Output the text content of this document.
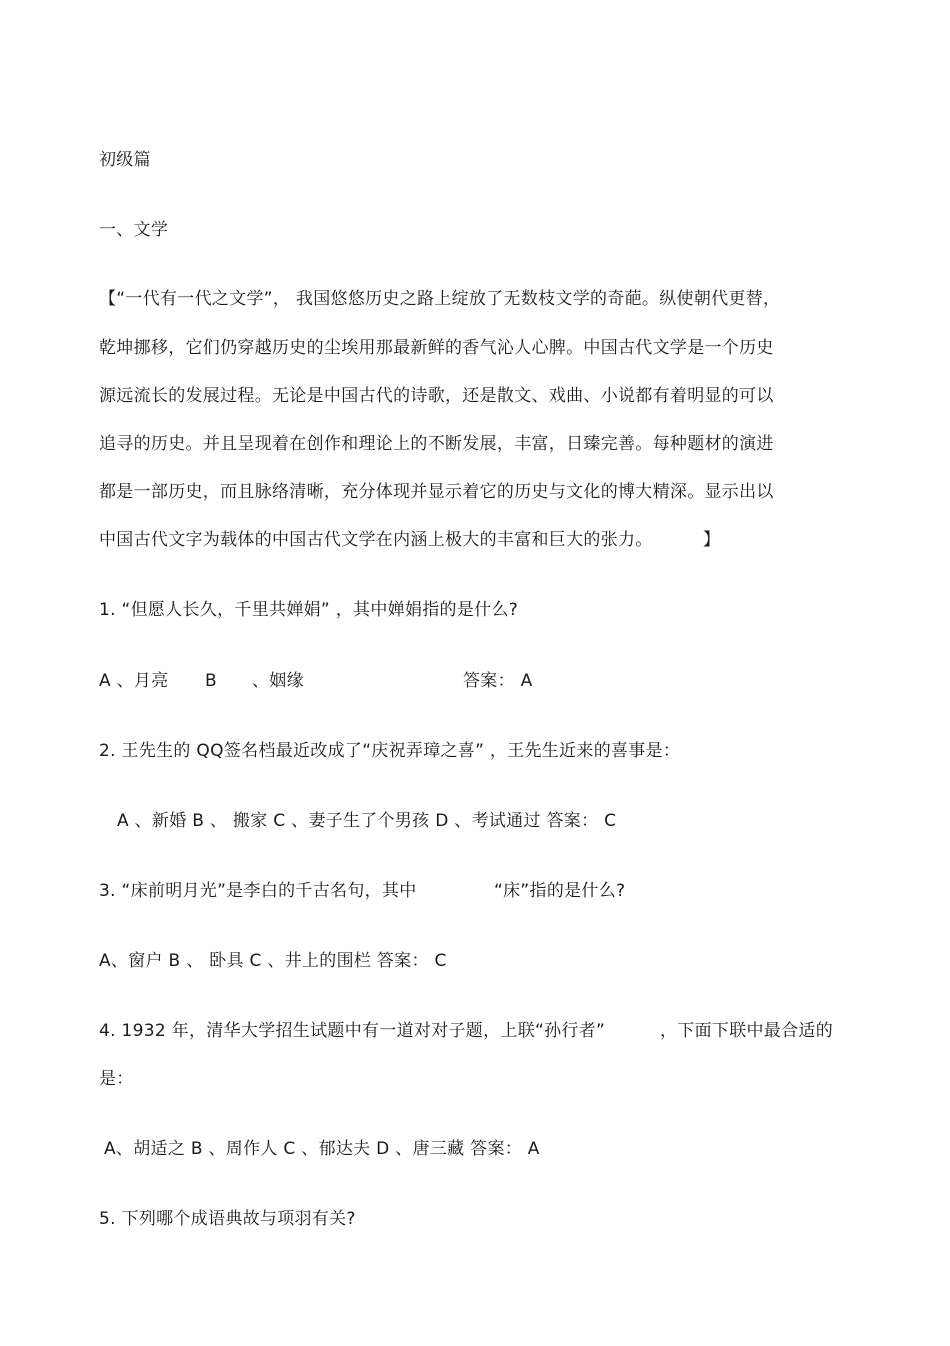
初级篇
一、文学
【“一代有一代之文学”， 我国悠悠历史之路上绽放了无数枝文学的奇葩。纵使朝代更替，
乾坤挪移，它们仍穿越历史的尘埃用那最新鲜的香气沁人心脾。中国古代文学是一个历史
源远流长的发展过程。无论是中国古代的诗歌，还是散文、戏曲、小说都有着明显的可以
追寻的历史。并且呈现着在创作和理论上的不断发展，丰富，日臻完善。每种题材的演进
都是一部历史，而且脉络清晰，充分体现并显示着它的历史与文化的博大精深。显示出以
中国古代文字为载体的中国古代文学在内涵上极大的丰富和巨大的张力。	】
1. “但愿人长久，千里共婵娟” ，其中婵娟指的是什么?
A 、月亮 B 、姻缘	答案： A
2. 王先生的 QQ签名档最近改成了“庆祝弄璋之喜” ，王先生近来的喜事是：
A 、新婚 B 、 搬家 C 、妻子生了个男孩 D 、考试通过 答案： C
3. “床前明月光”是李白的千古名句，其中	“床”指的是什么?
A、窗户 B 、 卧具 C 、井上的围栏 答案： C
4. 1932 年，清华大学招生试题中有一道对对子题，上联“孙行者”	，下面下联中最合适的
是：
A、胡适之 B 、周作人 C 、郁达夫 D 、唐三藏 答案： A
5. 下列哪个成语典故与项羽有关?
